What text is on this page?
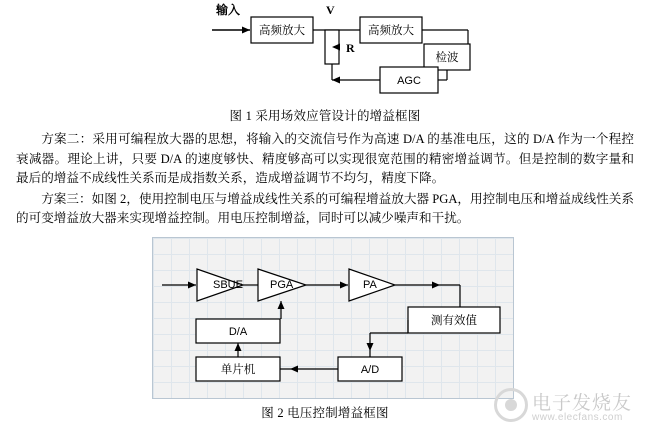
输入
高频放大
V
R
高频放大
检波
AGC
图 1 采用场效应管设计的增益框图

方案二：采用可编程放大器的思想，将输入的交流信号作为高速 D/A 的基准电压，这的 D/A 作为一个程控衰减器。理论上讲，只要 D/A 的速度够快、精度够高可以实现很宽范围的精密增益调节。但是控制的数字量和最后的增益不成线性关系而是成指数关系，造成增益调节不均匀，精度下降。

方案三：如图 2，使用控制电压与增益成线性关系的可编程增益放大器 PGA，用控制电压和增益成线性关系的可变增益放大器来实现增益控制。用电压控制增益，同时可以减少噪声和干扰。

SBUE PGA	PA
D/A
单片机	A/D
测有效值
图 2 电压控制增益框图	电子发烧友
www.elecfans.com
